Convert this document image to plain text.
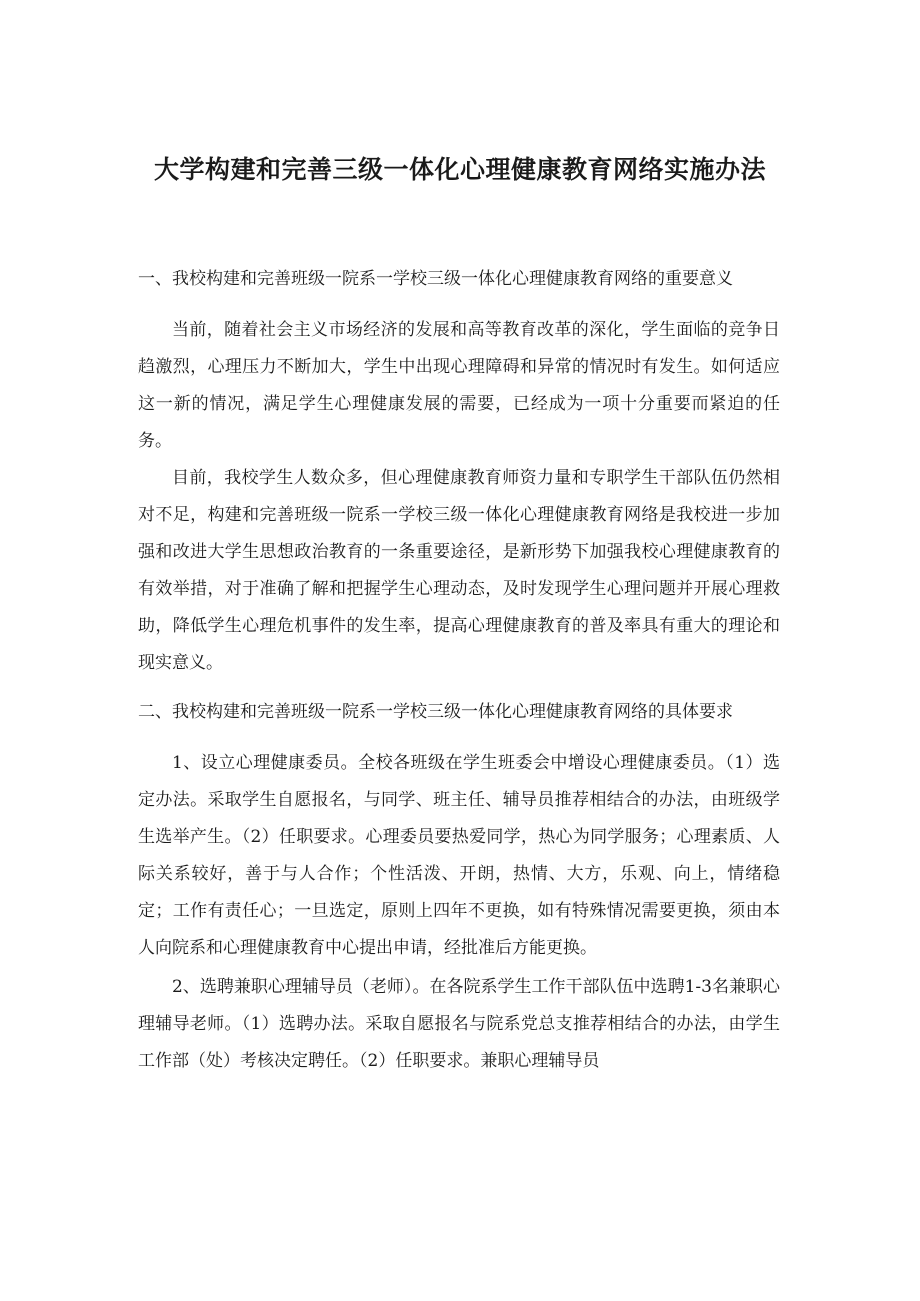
大学构建和完善三级一体化心理健康教育网络实施办法

一、我校构建和完善班级一院系一学校三级一体化心理健康教育网络的重要意义

当前，随着社会主义市场经济的发展和高等教育改革的深化，学生面临的竞争日趋激烈，心理压力不断加大，学生中出现心理障碍和异常的情况时有发生。如何适应这一新的情况，满足学生心理健康发展的需要，已经成为一项十分重要而紧迫的任务。

目前，我校学生人数众多，但心理健康教育师资力量和专职学生干部队伍仍然相对不足，构建和完善班级一院系一学校三级一体化心理健康教育网络是我校进一步加强和改进大学生思想政治教育的一条重要途径，是新形势下加强我校心理健康教育的有效举措，对于准确了解和把握学生心理动态，及时发现学生心理问题并开展心理救助，降低学生心理危机事件的发生率，提高心理健康教育的普及率具有重大的理论和现实意义。

二、我校构建和完善班级一院系一学校三级一体化心理健康教育网络的具体要求

1、设立心理健康委员。全校各班级在学生班委会中增设心理健康委员。（1）选定办法。采取学生自愿报名，与同学、班主任、辅导员推荐相结合的办法，由班级学生选举产生。（2）任职要求。心理委员要热爱同学，热心为同学服务；心理素质、人际关系较好，善于与人合作；个性活泼、开朗，热情、大方，乐观、向上，情绪稳定；工作有责任心；一旦选定，原则上四年不更换，如有特殊情况需要更换，须由本人向院系和心理健康教育中心提出申请，经批准后方能更换。

2、选聘兼职心理辅导员（老师）。在各院系学生工作干部队伍中选聘1-3名兼职心理辅导老师。（1）选聘办法。采取自愿报名与院系党总支推荐相结合的办法，由学生工作部（处）考核决定聘任。（2）任职要求。兼职心理辅导员
